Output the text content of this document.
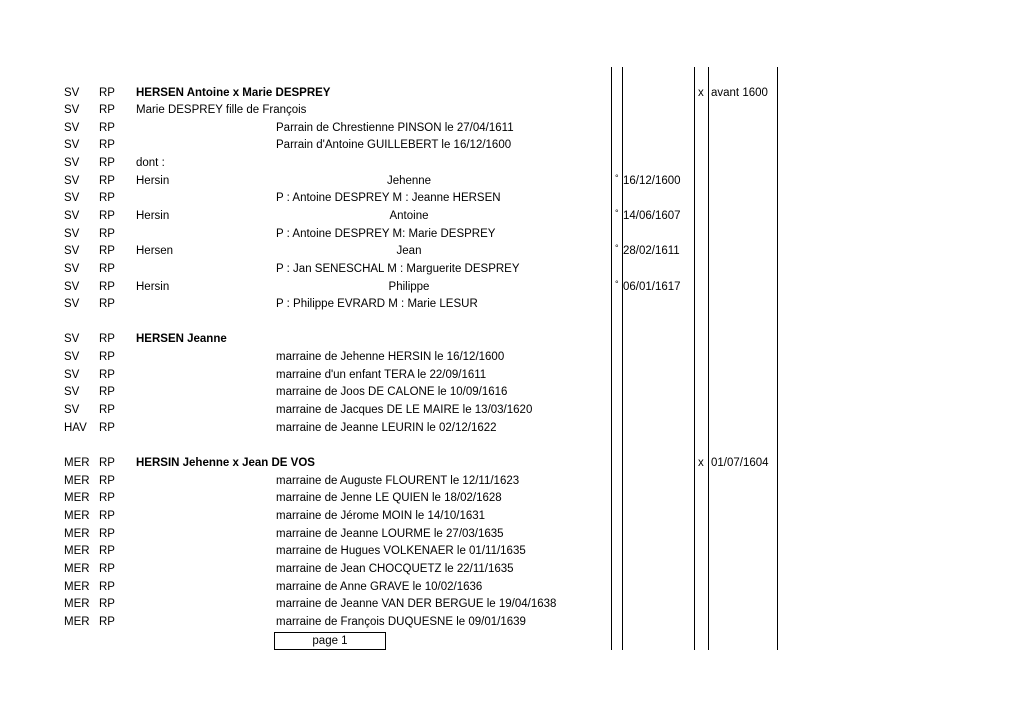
SV RP HERSEN Antoine x Marie DESPREY	x avant 1600
SV RP Marie DESPREY fille de François
SV RP	Parrain de Chrestienne PINSON le 27/04/1611
SV RP	Parrain d'Antoine GUILLEBERT le 16/12/1600
SV RP dont :
SV RP Hersin	Jehenne	° 16/12/1600
SV RP	P : Antoine DESPREY M : Jeanne HERSEN
SV RP Hersin	Antoine	° 14/06/1607
SV RP	P : Antoine DESPREY M: Marie DESPREY
SV RP Hersen	Jean	° 28/02/1611
SV RP	P : Jan SENESCHAL M : Marguerite DESPREY
SV RP Hersin	Philippe	° 06/01/1617
SV RP	P : Philippe EVRARD M : Marie LESUR
SV RP HERSEN Jeanne
SV RP	marraine de Jehenne HERSIN le 16/12/1600
SV RP	marraine d'un enfant TERA le 22/09/1611
SV RP	marraine de Joos DE CALONE le 10/09/1616
SV RP	marraine de Jacques DE LE MAIRE le 13/03/1620
HAV RP	marraine de Jeanne LEURIN le 02/12/1622
MER RP HERSIN Jehenne x Jean DE VOS	x 01/07/1604
MER RP	marraine de Auguste FLOURENT le 12/11/1623
MER RP	marraine de Jenne LE QUIEN le 18/02/1628
MER RP	marraine de Jérome MOIN le 14/10/1631
MER RP	marraine de Jeanne LOURME le 27/03/1635
MER RP	marraine de Hugues VOLKENAER le 01/11/1635
MER RP	marraine de Jean CHOCQUETZ le 22/11/1635
MER RP	marraine de Anne GRAVE le 10/02/1636
MER RP	marraine de Jeanne VAN DER BERGUE le 19/04/1638
MER RP	marraine de François DUQUESNE le 09/01/1639
page 1
